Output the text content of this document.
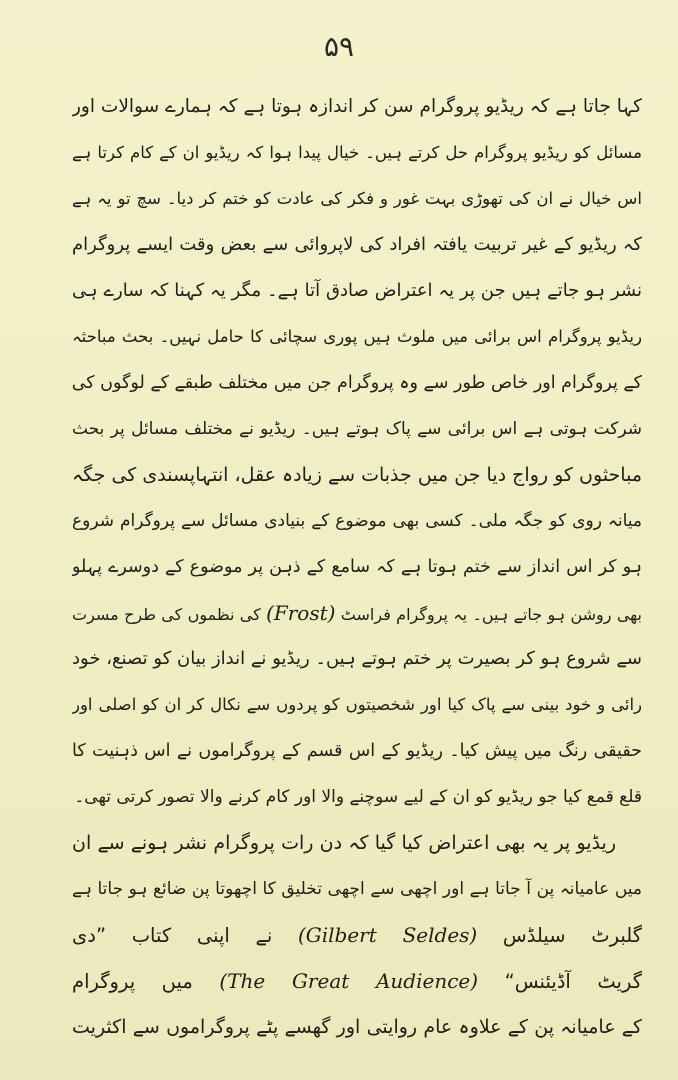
۵۹
کہا جاتا ہے کہ ریڈیو پروگرام سن کر اندازہ ہوتا ہے کہ ہمارے سوالات اور
مسائل کو ریڈیو پروگرام حل کرتے ہیں۔ خیال پیدا ہوا کہ ریڈیو ان کے کام کرتا ہے
اس خیال نے ان کی تھوڑی بہت غور و فکر کی عادت کو ختم کر دیا۔ سچ تو یہ ہے
کہ ریڈیو کے غیر تربیت یافتہ افراد کی لاپروائی سے بعض وقت ایسے پروگرام
نشر ہو جاتے ہیں جن پر یہ اعتراض صادق آتا ہے۔ مگر یہ کہنا کہ سارے ہی
ریڈیو پروگرام اس برائی میں ملوث ہیں پوری سچائی کا حامل نہیں۔ بحث مباحثہ
کے پروگرام اور خاص طور سے وہ پروگرام جن میں مختلف طبقے کے لوگوں کی
شرکت ہوتی ہے اس برائی سے پاک ہوتے ہیں۔ ریڈیو نے مختلف مسائل پر بحث
مباحثوں کو رواج دیا جن میں جذبات سے زیادہ عقل، انتہاپسندی کی جگہ
میانہ روی کو جگہ ملی۔ کسی بھی موضوع کے بنیادی مسائل سے پروگرام شروع
ہو کر اس انداز سے ختم ہوتا ہے کہ سامع کے ذہن پر موضوع کے دوسرے پہلو
بھی روشن ہو جاتے ہیں۔ یہ پروگرام فراسٹ (Frost) کی نظموں کی طرح مسرت
سے شروع ہو کر بصیرت پر ختم ہوتے ہیں۔ ریڈیو نے انداز بیان کو تصنع، خود
رائی و خود بینی سے پاک کیا اور شخصیتوں کو پردوں سے نکال کر ان کو اصلی اور
حقیقی رنگ میں پیش کیا۔ ریڈیو کے اس قسم کے پروگراموں نے اس ذہنیت کا
قلع قمع کیا جو ریڈیو کو ان کے لیے سوچنے والا اور کام کرنے والا تصور کرتی تھی۔
ریڈیو پر یہ بھی اعتراض کیا گیا کہ دن رات پروگرام نشر ہونے سے ان
میں عامیانہ پن آ جاتا ہے اور اچھی سے اچھی تخلیق کا اچھوتا پن ضائع ہو جاتا ہے
گلبرٹ سیلڈس (Gilbert Seldes) نے اپنی کتاب ”دی
گریٹ آڈیئنس“ (The Great Audience) میں پروگرام
کے عامیانہ پن کے علاوہ عام روایتی اور گھسے پٹے پروگراموں سے اکثریت
